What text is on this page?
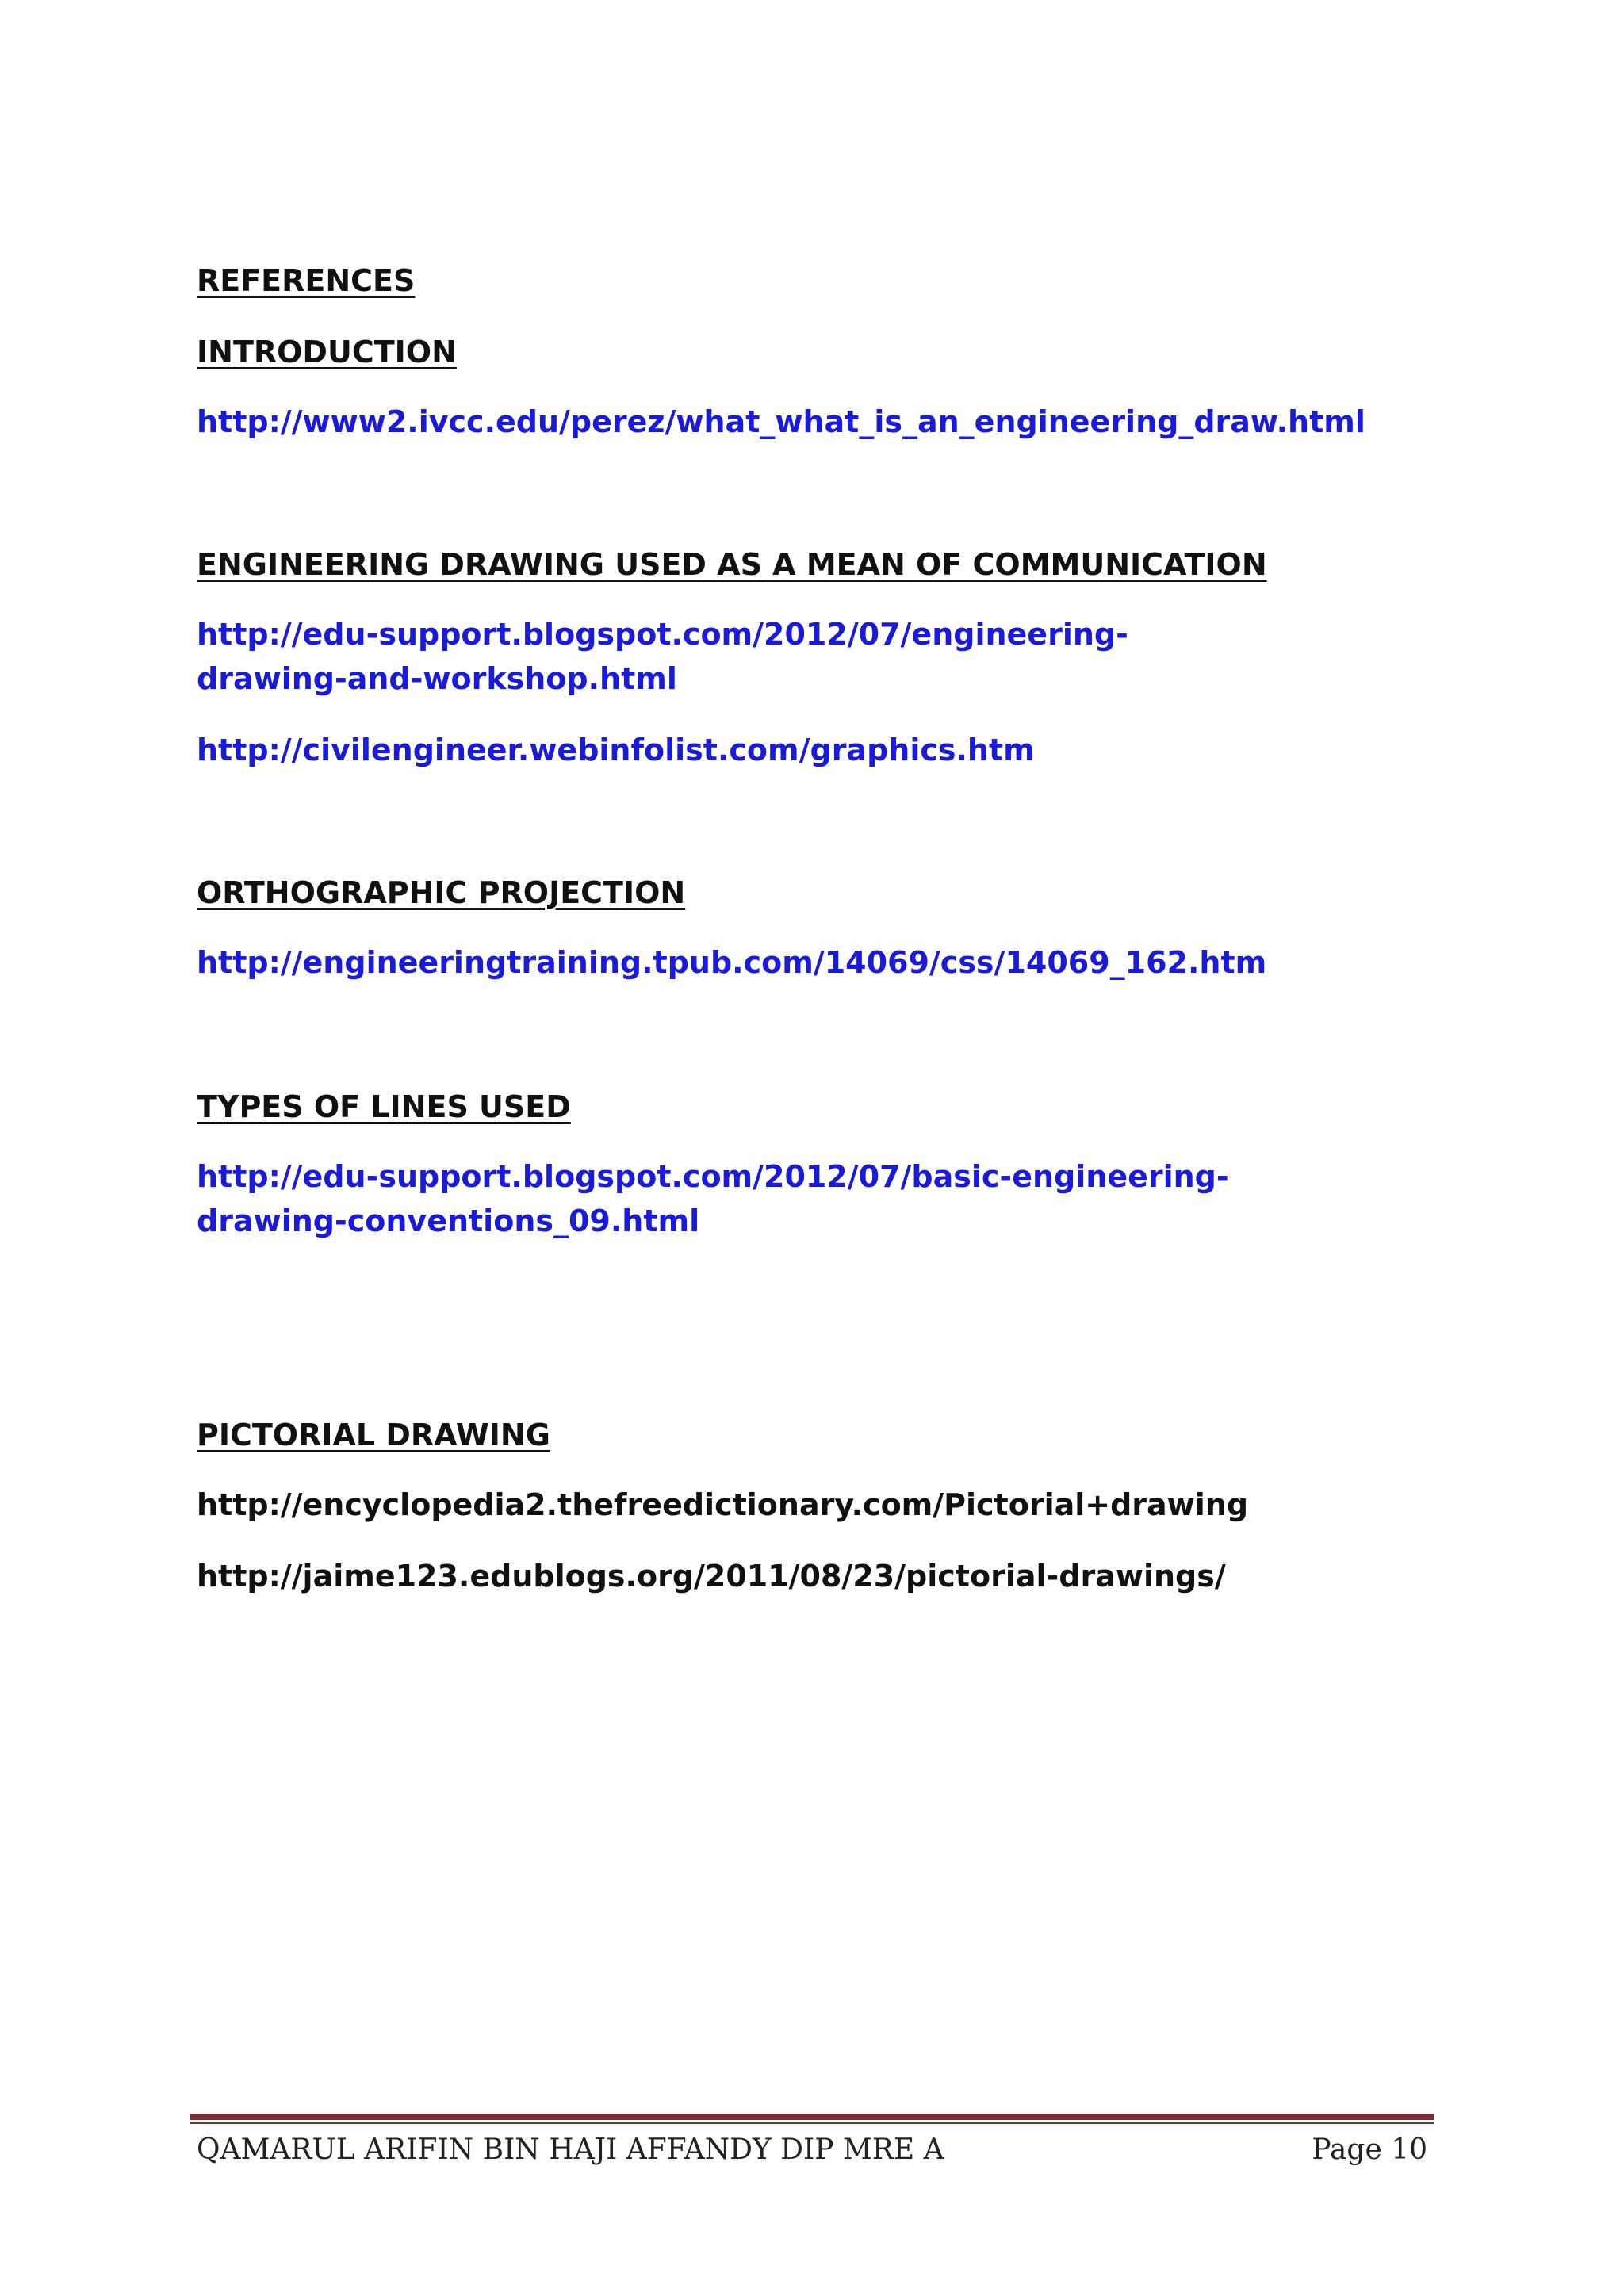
REFERENCES

INTRODUCTION

http://www2.ivcc.edu/perez/what_what_is_an_engineering_draw.html

ENGINEERING DRAWING USED AS A MEAN OF COMMUNICATION

http://edu-support.blogspot.com/2012/07/engineering-drawing-and-workshop.html
http://civilengineer.webinfolist.com/graphics.htm

ORTHOGRAPHIC PROJECTION

http://engineeringtraining.tpub.com/14069/css/14069_162.htm

TYPES OF LINES USED

http://edu-support.blogspot.com/2012/07/basic-engineering-drawing-conventions_09.html

PICTORIAL DRAWING

http://encyclopedia2.thefreedictionary.com/Pictorial+drawing
http://jaime123.edublogs.org/2011/08/23/pictorial-drawings/
QAMARUL ARIFIN BIN HAJI AFFANDY DIP MRE A	Page 10
